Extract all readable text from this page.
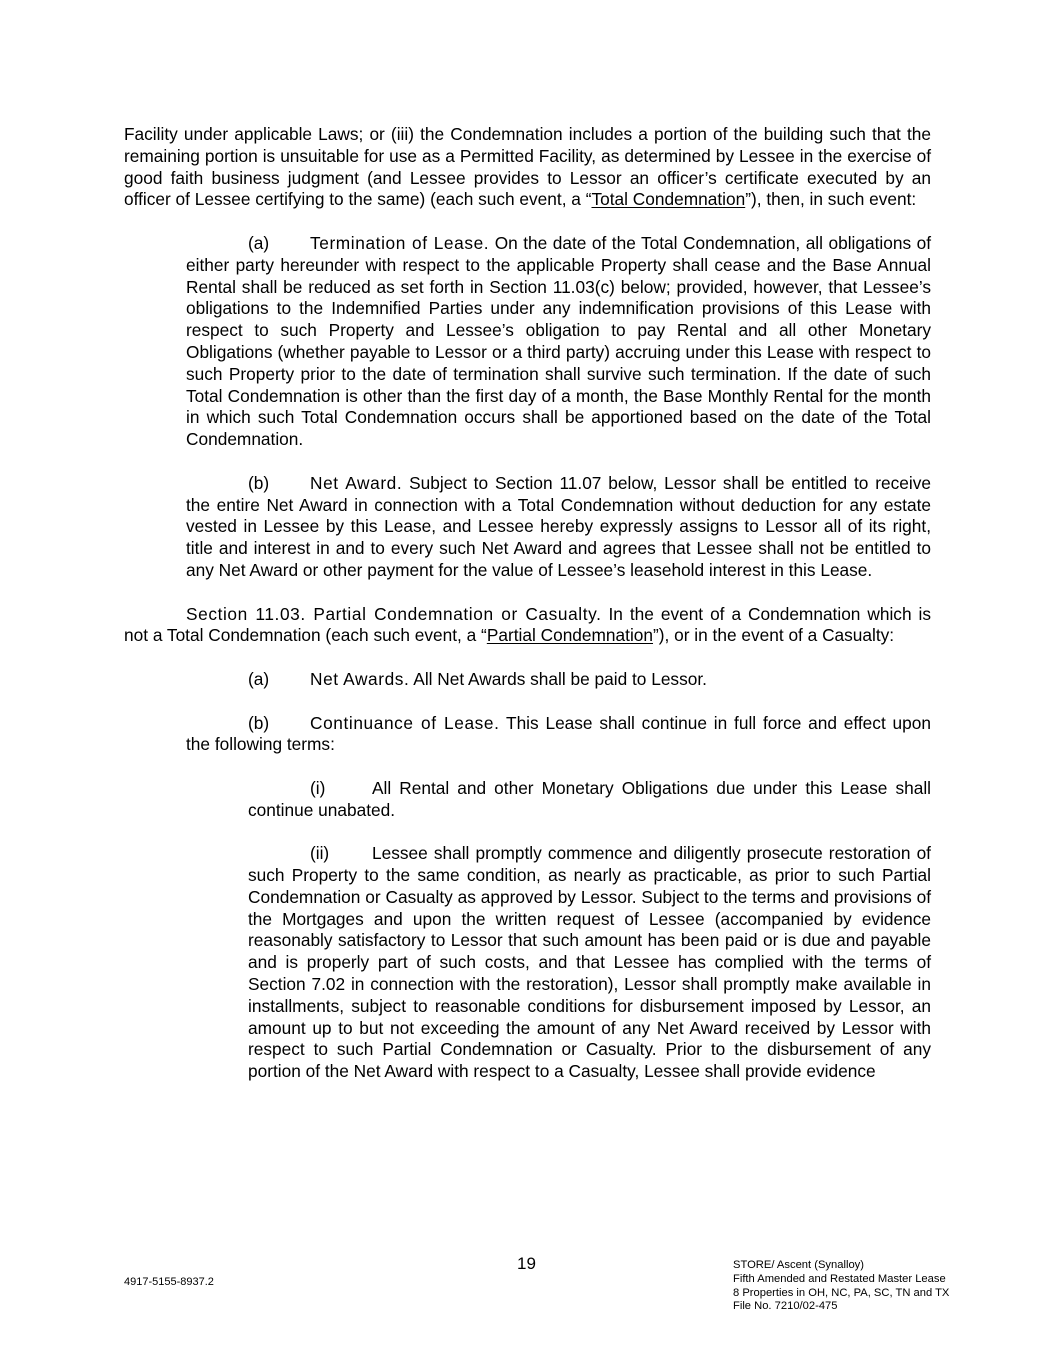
Facility under applicable Laws; or (iii) the Condemnation includes a portion of the building such that the remaining portion is unsuitable for use as a Permitted Facility, as determined by Lessee in the exercise of good faith business judgment (and Lessee provides to Lessor an officer’s certificate executed by an officer of Lessee certifying to the same) (each such event, a “Total Condemnation”), then, in such event:

(a) Termination of Lease. On the date of the Total Condemnation, all obligations of either party hereunder with respect to the applicable Property shall cease and the Base Annual Rental shall be reduced as set forth in Section 11.03(c) below; provided, however, that Lessee’s obligations to the Indemnified Parties under any indemnification provisions of this Lease with respect to such Property and Lessee’s obligation to pay Rental and all other Monetary Obligations (whether payable to Lessor or a third party) accruing under this Lease with respect to such Property prior to the date of termination shall survive such termination. If the date of such Total Condemnation is other than the first day of a month, the Base Monthly Rental for the month in which such Total Condemnation occurs shall be apportioned based on the date of the Total Condemnation.

(b) Net Award. Subject to Section 11.07 below, Lessor shall be entitled to receive the entire Net Award in connection with a Total Condemnation without deduction for any estate vested in Lessee by this Lease, and Lessee hereby expressly assigns to Lessor all of its right, title and interest in and to every such Net Award and agrees that Lessee shall not be entitled to any Net Award or other payment for the value of Lessee’s leasehold interest in this Lease.

Section 11.03. Partial Condemnation or Casualty. In the event of a Condemnation which is not a Total Condemnation (each such event, a “Partial Condemnation”), or in the event of a Casualty:

(a) Net Awards. All Net Awards shall be paid to Lessor.

(b) Continuance of Lease. This Lease shall continue in full force and effect upon the following terms:

(i)	All Rental and other Monetary Obligations due under this Lease shall continue unabated.

(ii) Lessee shall promptly commence and diligently prosecute restoration of such Property to the same condition, as nearly as practicable, as prior to such Partial Condemnation or Casualty as approved by Lessor. Subject to the terms and provisions of the Mortgages and upon the written request of Lessee (accompanied by evidence reasonably satisfactory to Lessor that such amount has been paid or is due and payable and is properly part of such costs, and that Lessee has complied with the terms of Section 7.02 in connection with the restoration), Lessor shall promptly make available in installments, subject to reasonable conditions for disbursement imposed by Lessor, an amount up to but not exceeding the amount of any Net Award received by Lessor with respect to such Partial Condemnation or Casualty. Prior to the disbursement of any portion of the Net Award with respect to a Casualty, Lessee shall provide evidence

4917-5155-8937.2
19	STORE/ Ascent (Synalloy)
Fifth Amended and Restated Master Lease
8 Properties in OH, NC, PA, SC, TN and TX
File No. 7210/02-475
